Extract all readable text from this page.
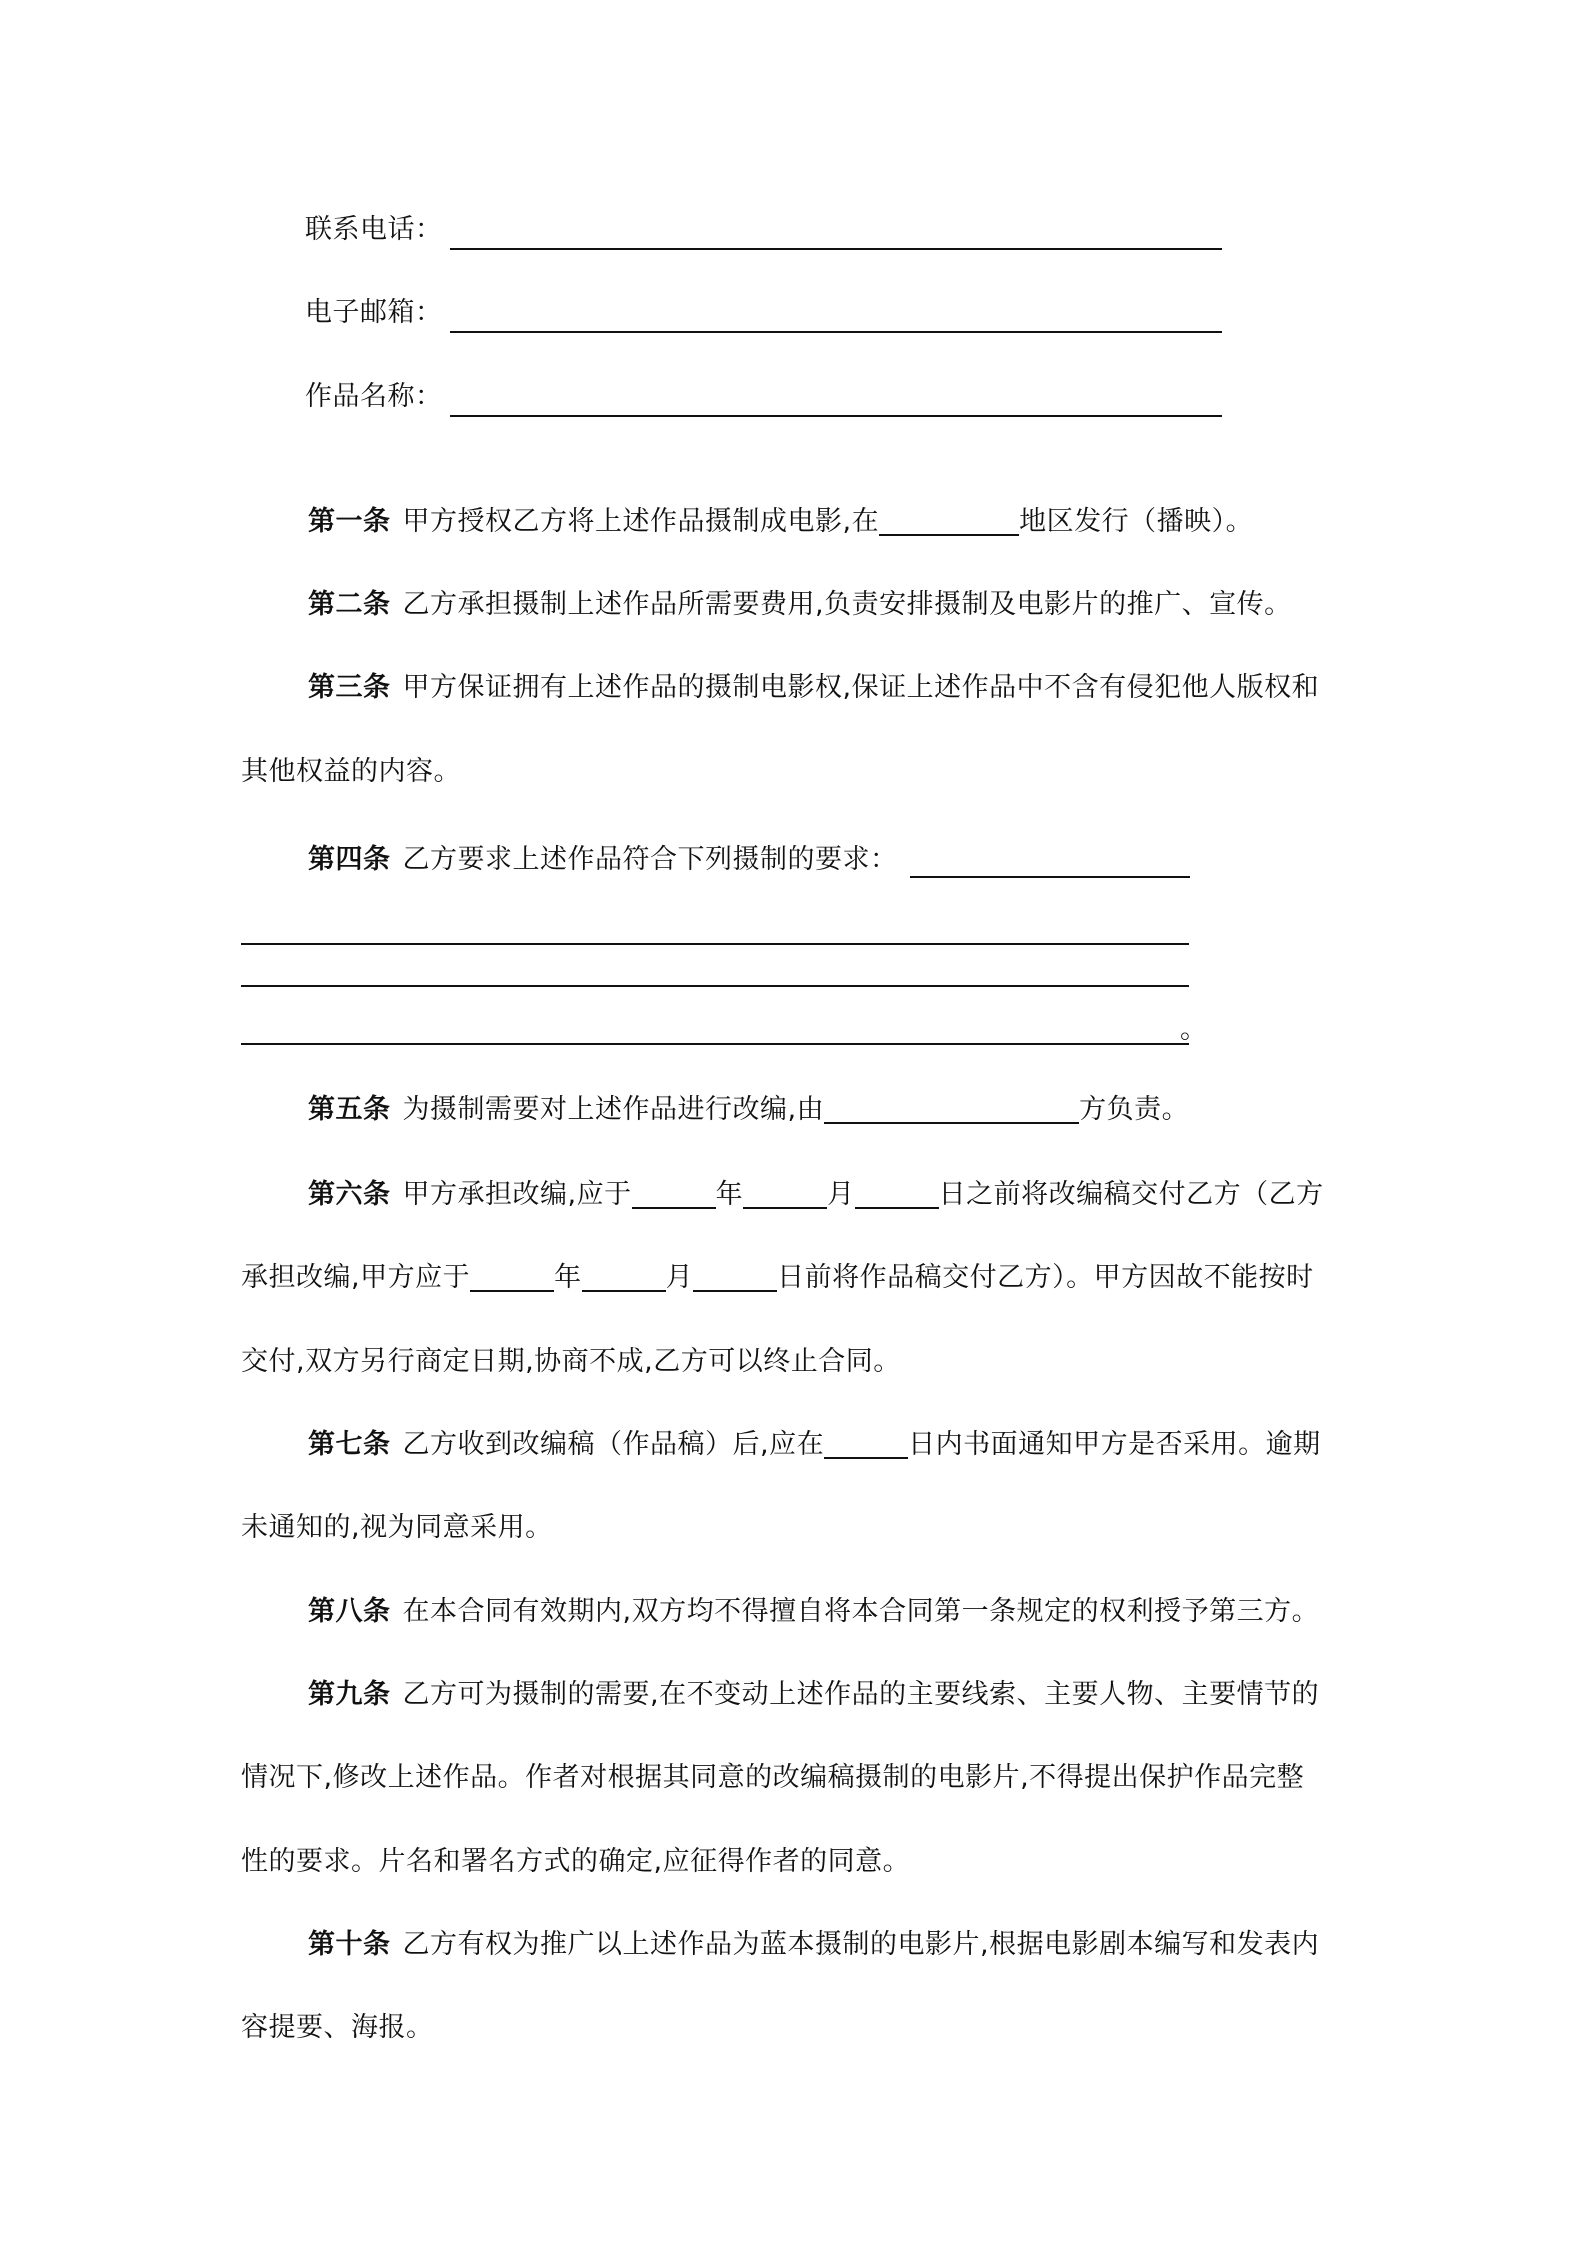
联系电话：
电子邮箱：
作品名称：
第一条 甲方授权乙方将上述作品摄制成电影,在	地区发行（播映）。
第二条 乙方承担摄制上述作品所需要费用,负责安排摄制及电影片的推广、宣传。
第三条 甲方保证拥有上述作品的摄制电影权,保证上述作品中不含有侵犯他人版权和
其他权益的内容。
第四条 乙方要求上述作品符合下列摄制的要求：
。
第五条 为摄制需要对上述作品进行改编,由	方负责。
第六条 甲方承担改编,应于	年	月	日之前将改编稿交付乙方（乙方
承担改编,甲方应于	年	月	日前将作品稿交付乙方）。甲方因故不能按时
交付,双方另行商定日期,协商不成,乙方可以终止合同。
第七条 乙方收到改编稿（作品稿）后,应在	日内书面通知甲方是否采用。逾期
未通知的,视为同意采用。
第八条 在本合同有效期内,双方均不得擅自将本合同第一条规定的权利授予第三方。
第九条 乙方可为摄制的需要,在不变动上述作品的主要线索、主要人物、主要情节的
情况下,修改上述作品。作者对根据其同意的改编稿摄制的电影片,不得提出保护作品完整
性的要求。片名和署名方式的确定,应征得作者的同意。
第十条 乙方有权为推广以上述作品为蓝本摄制的电影片,根据电影剧本编写和发表内
容提要、海报。
